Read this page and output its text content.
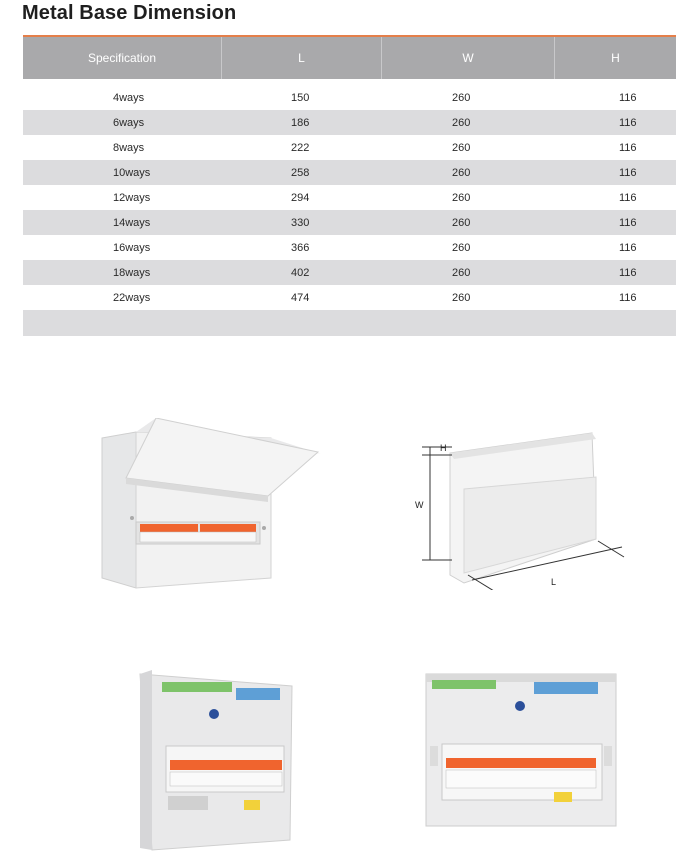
Metal Base Dimension
Specification	L	W	H
4ways	150	260	116
6ways	186	260	116
8ways	222	260	116
10ways	258	260	116
12ways	294	260	116
14ways	330	260	116
16ways	366	260	116
18ways	402	260	116
22ways	474	260	116
H
W
L
